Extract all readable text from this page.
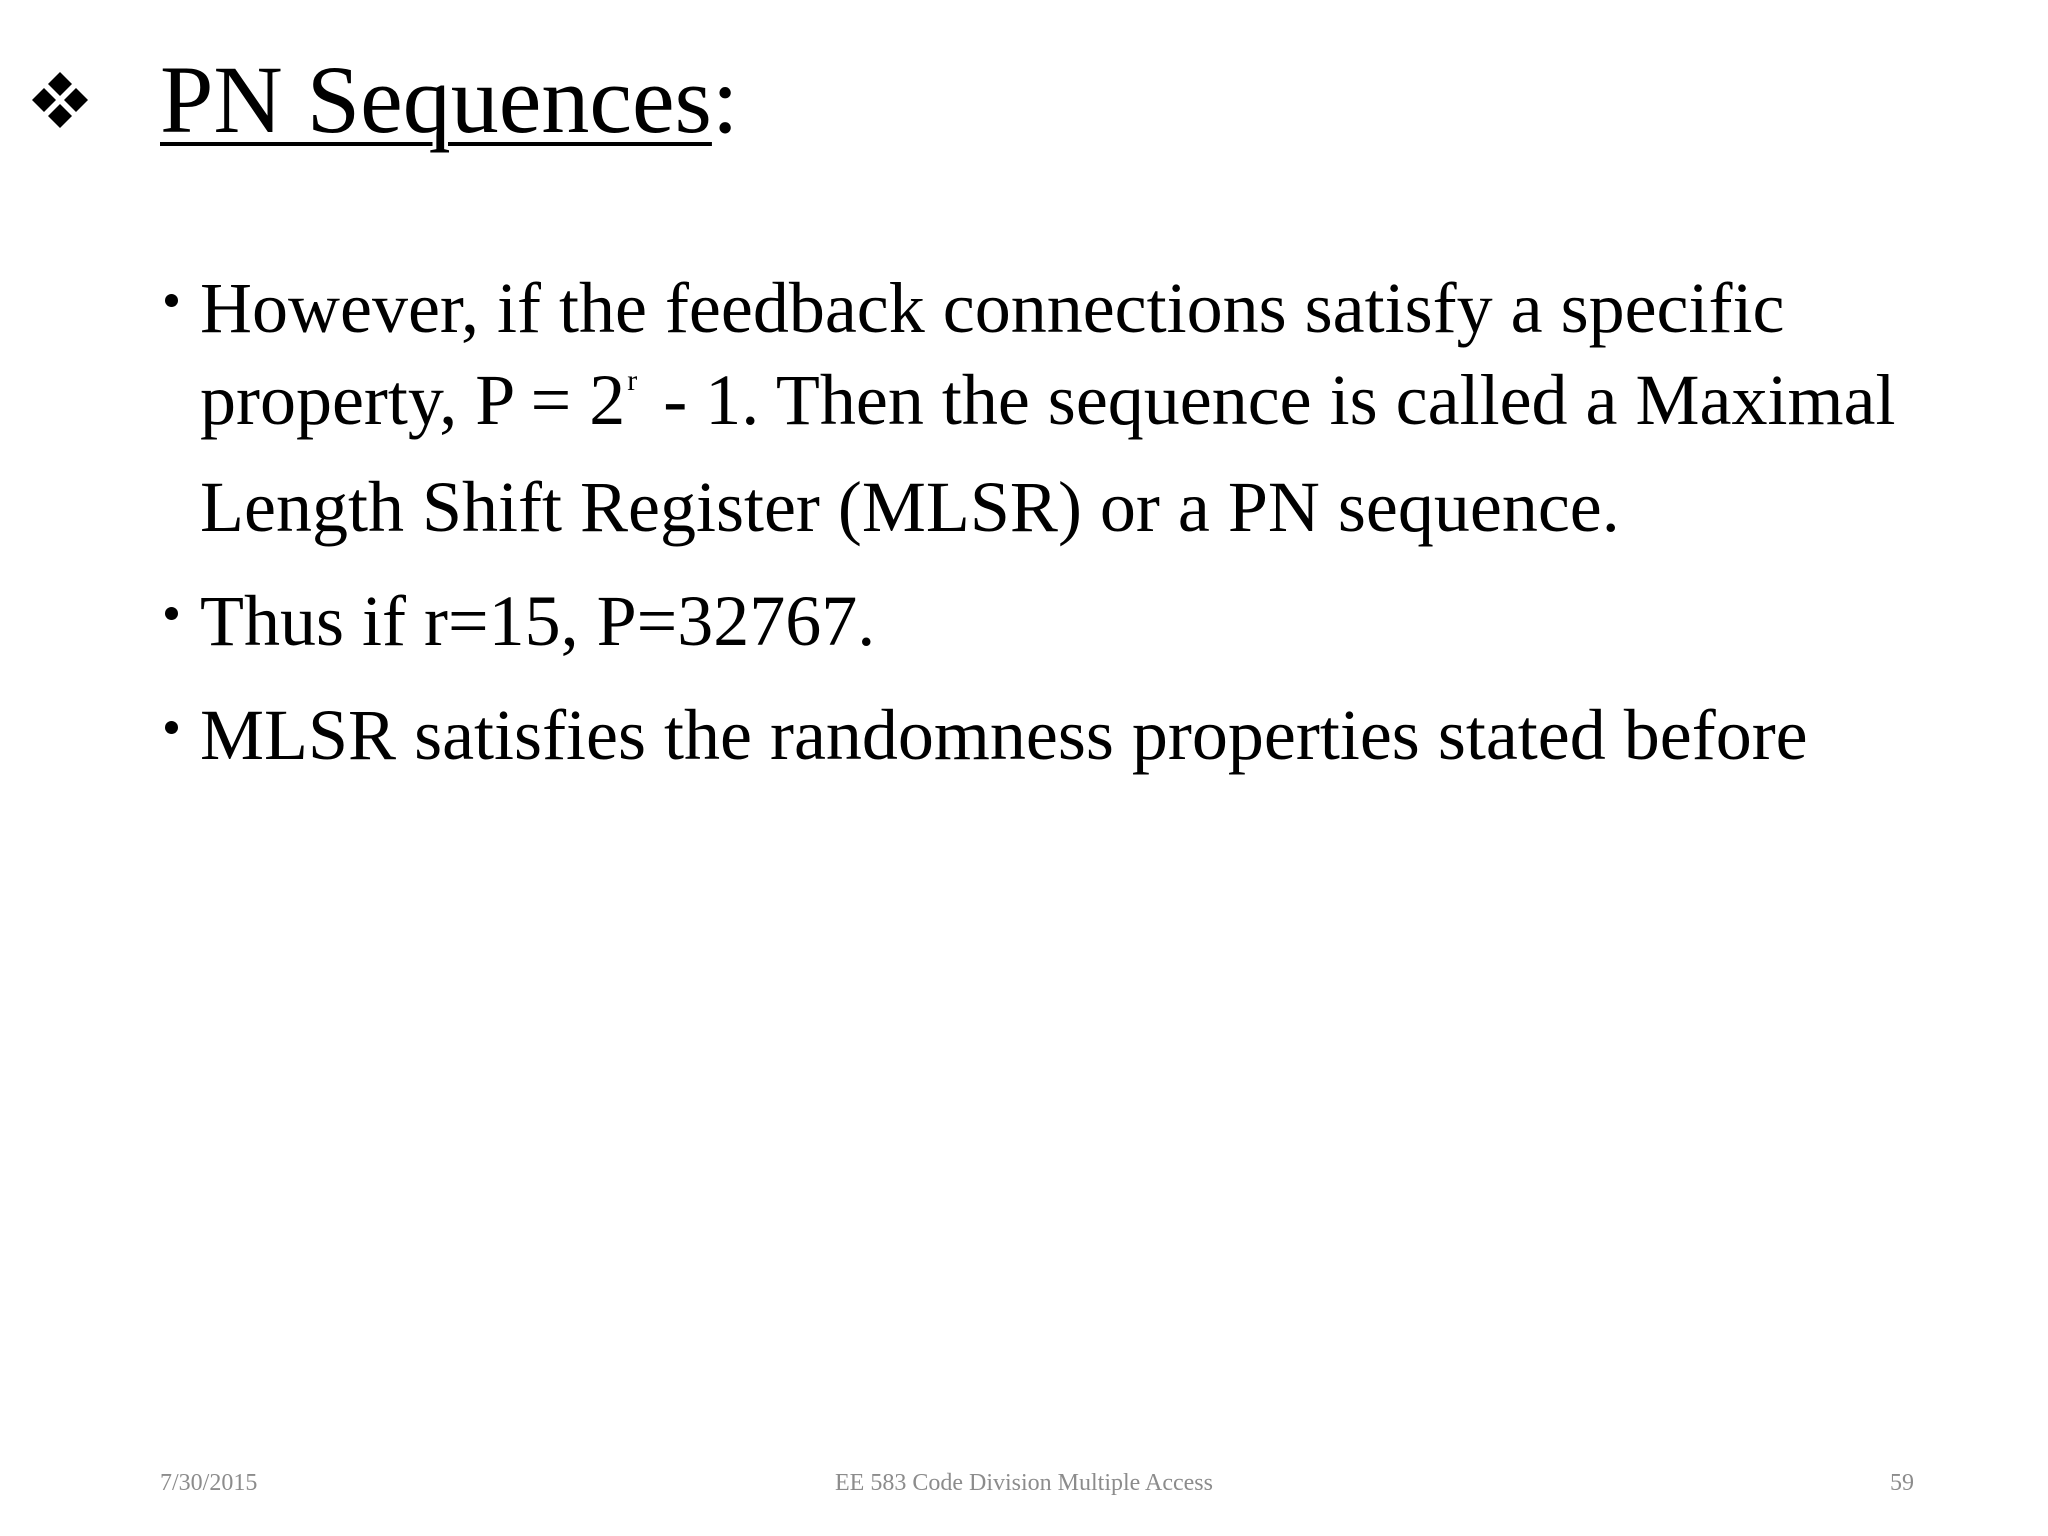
PN Sequences:
However, if the feedback connections satisfy a specific property, $P = 2^r - 1$. Then the sequence is called a Maximal Length Shift Register (MLSR) or a PN sequence.
Thus if r=15, P=32767.
MLSR satisfies the randomness properties stated before
7/30/2015	EE 583 Code Division Multiple Access	59
